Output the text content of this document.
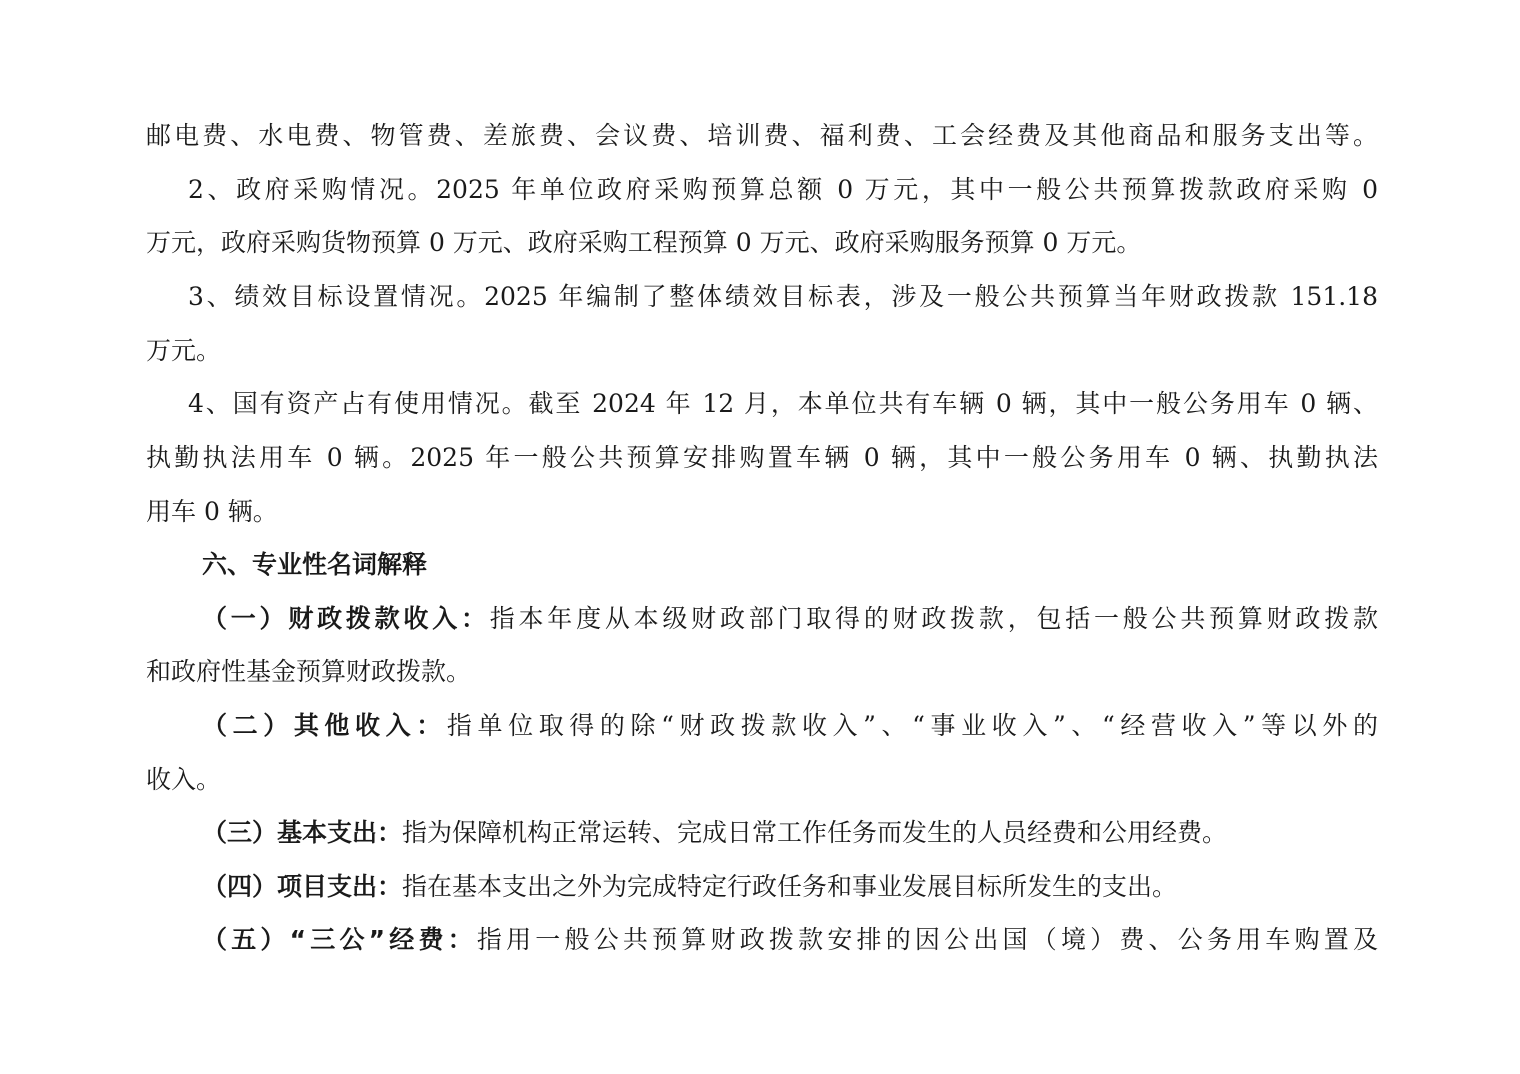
邮电费、水电费、物管费、差旅费、会议费、培训费、福利费、工会经费及其他商品和服务支出等。
2、政府采购情况。2025 年单位政府采购预算总额 0 万元，其中一般公共预算拨款政府采购 0
万元，政府采购货物预算 0 万元、政府采购工程预算 0 万元、政府采购服务预算 0 万元。
3、绩效目标设置情况。2025 年编制了整体绩效目标表，涉及一般公共预算当年财政拨款 151.18
万元。
4、国有资产占有使用情况。截至 2024 年 12 月，本单位共有车辆 0 辆，其中一般公务用车 0 辆、
执勤执法用车 0 辆。2025 年一般公共预算安排购置车辆 0 辆，其中一般公务用车 0 辆、执勤执法
用车 0 辆。
六、专业性名词解释
（一）财政拨款收入：指本年度从本级财政部门取得的财政拨款，包括一般公共预算财政拨款
和政府性基金预算财政拨款。
（二）其他收入：指单位取得的除“财政拨款收入”、“事业收入”、“经营收入”等以外的
收入。
（三）基本支出：指为保障机构正常运转、完成日常工作任务而发生的人员经费和公用经费。
（四）项目支出：指在基本支出之外为完成特定行政任务和事业发展目标所发生的支出。
（五）“三公”经费：指用一般公共预算财政拨款安排的因公出国（境）费、公务用车购置及
